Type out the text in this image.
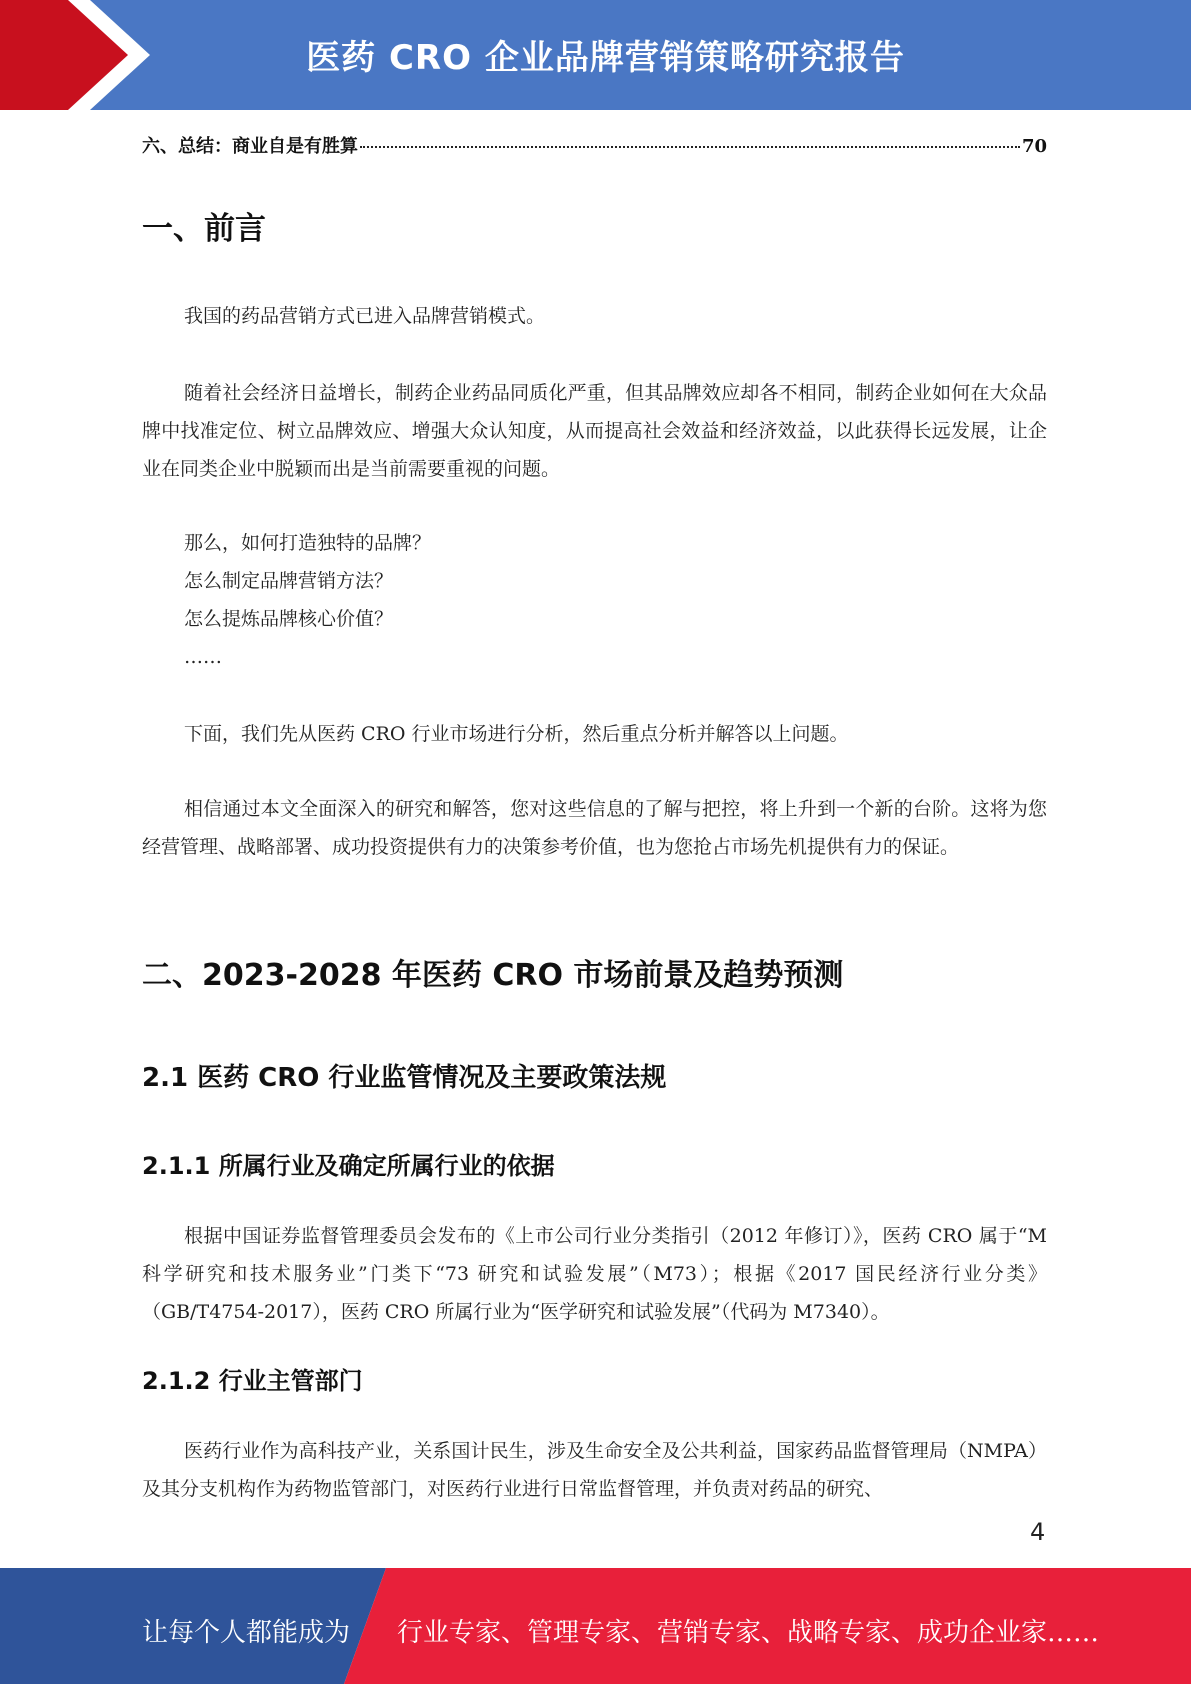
医药 CRO 企业品牌营销策略研究报告
六、总结：商业自是有胜算	70
一、前言

我国的药品营销方式已进入品牌营销模式。

随着社会经济日益增长，制药企业药品同质化严重，但其品牌效应却各不相同，制药企业如何在大众品牌中找准定位、树立品牌效应、增强大众认知度，从而提高社会效益和经济效益，以此获得长远发展，让企业在同类企业中脱颖而出是当前需要重视的问题。

那么，如何打造独特的品牌？
怎么制定品牌营销方法？
怎么提炼品牌核心价值？
……

下面，我们先从医药 CRO 行业市场进行分析，然后重点分析并解答以上问题。

相信通过本文全面深入的研究和解答，您对这些信息的了解与把控，将上升到一个新的台阶。这将为您经营管理、战略部署、成功投资提供有力的决策参考价值，也为您抢占市场先机提供有力的保证。

二、2023-2028 年医药 CRO 市场前景及趋势预测
2.1 医药 CRO 行业监管情况及主要政策法规
2.1.1 所属行业及确定所属行业的依据

根据中国证券监督管理委员会发布的《上市公司行业分类指引（2012 年修订）》，医药 CRO 属于“M 科学研究和技术服务业”门类下“73 研究和试验发展”（M73）；根据《2017 国民经济行业分类》（GB/T4754-2017），医药 CRO 所属行业为“医学研究和试验发展”（代码为 M7340）。

2.1.2 行业主管部门

医药行业作为高科技产业，关系国计民生，涉及生命安全及公共利益，国家药品监督管理局（NMPA）及其分支机构作为药物监管部门，对医药行业进行日常监督管理，并负责对药品的研究、

4
让每个人都能成为 行业专家、管理专家、营销专家、战略专家、成功企业家……
